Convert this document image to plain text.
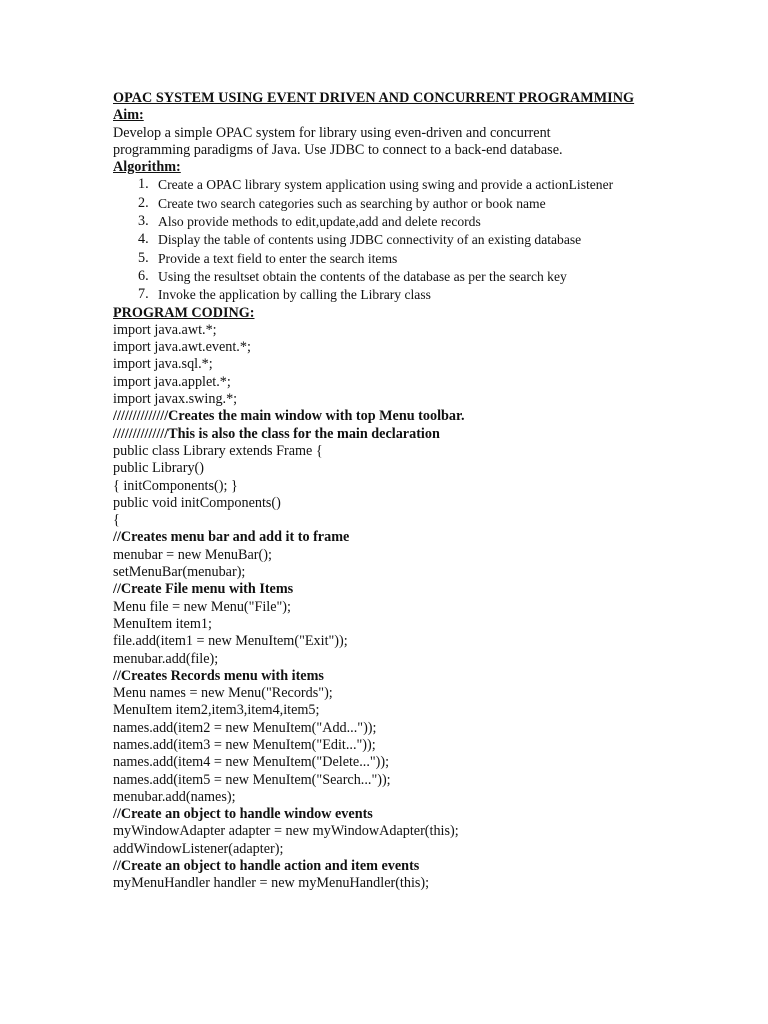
OPAC SYSTEM USING EVENT DRIVEN AND CONCURRENT PROGRAMMING
Aim:
Develop a simple OPAC system for library using even-driven and concurrent
programming paradigms of Java. Use JDBC to connect to a back-end database.
Algorithm:
1. Create a OPAC library system application using swing and provide a actionListener
2. Create two search categories such as searching by author or book name
3. Also provide methods to edit,update,add and delete records
4. Display the table of contents using JDBC connectivity of an existing database
5. Provide a text field to enter the search items
6. Using the resultset obtain the contents of the database as per the search key
7. Invoke the application by calling the Library class
PROGRAM CODING:
import java.awt.*;
import java.awt.event.*;
import java.sql.*;
import java.applet.*;
import javax.swing.*;
//////////////Creates the main window with top Menu toolbar.
//////////////This is also the class for the main declaration
public class Library extends Frame {
public Library()
{ initComponents(); }
public void initComponents()
{
//Creates menu bar and add it to frame
menubar = new MenuBar();
setMenuBar(menubar);
//Create File menu with Items
Menu file = new Menu("File");
MenuItem item1;
file.add(item1 = new MenuItem("Exit"));
menubar.add(file);
//Creates Records menu with items
Menu names = new Menu("Records");
MenuItem item2,item3,item4,item5;
names.add(item2 = new MenuItem("Add..."));
names.add(item3 = new MenuItem("Edit..."));
names.add(item4 = new MenuItem("Delete..."));
names.add(item5 = new MenuItem("Search..."));
menubar.add(names);
//Create an object to handle window events
myWindowAdapter adapter = new myWindowAdapter(this);
addWindowListener(adapter);
//Create an object to handle action and item events
myMenuHandler handler = new myMenuHandler(this);
